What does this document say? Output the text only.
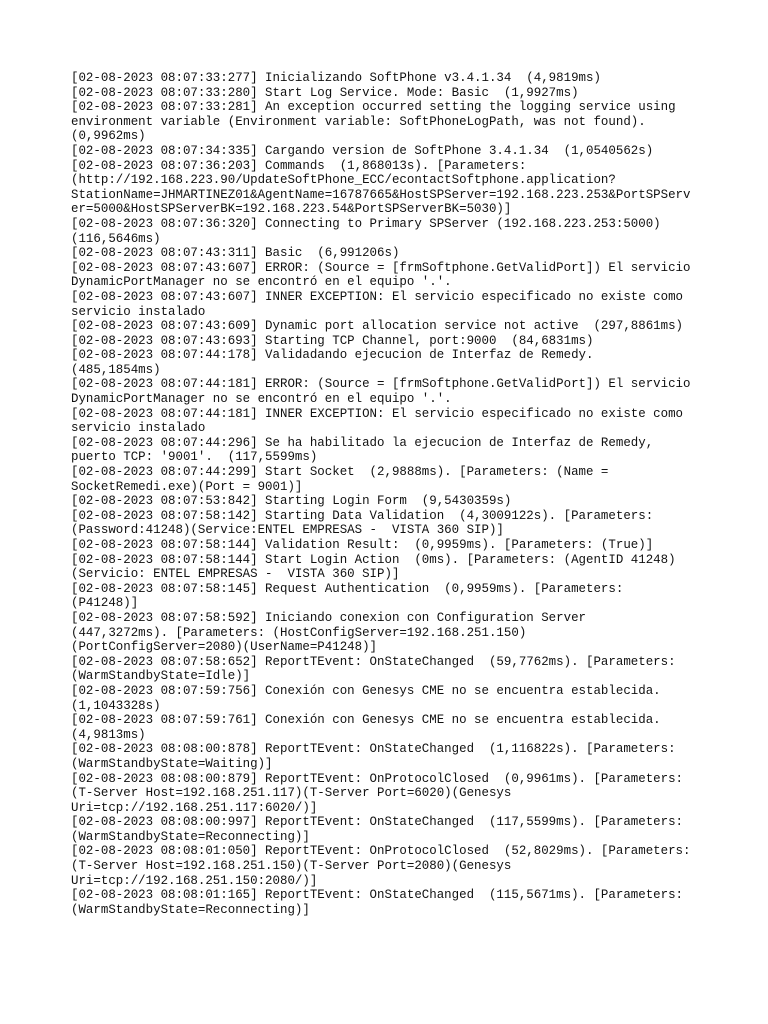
[02-08-2023 08:07:33:277] Inicializando SoftPhone v3.4.1.34  (4,9819ms)
[02-08-2023 08:07:33:280] Start Log Service. Mode: Basic  (1,9927ms)
[02-08-2023 08:07:33:281] An exception occurred setting the logging service using
environment variable (Environment variable: SoftPhoneLogPath, was not found).
(0,9962ms)
[02-08-2023 08:07:34:335] Cargando version de SoftPhone 3.4.1.34  (1,0540562s)
[02-08-2023 08:07:36:203] Commands  (1,868013s). [Parameters:
(http://192.168.223.90/UpdateSoftPhone_ECC/econtactSoftphone.application?
StationName=JHMARTINEZ01&AgentName=16787665&HostSPServer=192.168.223.253&PortSPServ
er=5000&HostSPServerBK=192.168.223.54&PortSPServerBK=5030)]
[02-08-2023 08:07:36:320] Connecting to Primary SPServer (192.168.223.253:5000)
(116,5646ms)
[02-08-2023 08:07:43:311] Basic  (6,991206s)
[02-08-2023 08:07:43:607] ERROR: (Source = [frmSoftphone.GetValidPort]) El servicio
DynamicPortManager no se encontró en el equipo '.'.
[02-08-2023 08:07:43:607] INNER EXCEPTION: El servicio especificado no existe como
servicio instalado
[02-08-2023 08:07:43:609] Dynamic port allocation service not active  (297,8861ms)
[02-08-2023 08:07:43:693] Starting TCP Channel, port:9000  (84,6831ms)
[02-08-2023 08:07:44:178] Validadando ejecucion de Interfaz de Remedy.
(485,1854ms)
[02-08-2023 08:07:44:181] ERROR: (Source = [frmSoftphone.GetValidPort]) El servicio
DynamicPortManager no se encontró en el equipo '.'.
[02-08-2023 08:07:44:181] INNER EXCEPTION: El servicio especificado no existe como
servicio instalado
[02-08-2023 08:07:44:296] Se ha habilitado la ejecucion de Interfaz de Remedy,
puerto TCP: '9001'.  (117,5599ms)
[02-08-2023 08:07:44:299] Start Socket  (2,9888ms). [Parameters: (Name =
SocketRemedi.exe)(Port = 9001)]
[02-08-2023 08:07:53:842] Starting Login Form  (9,5430359s)
[02-08-2023 08:07:58:142] Starting Data Validation  (4,3009122s). [Parameters:
(Password:41248)(Service:ENTEL EMPRESAS -  VISTA 360 SIP)]
[02-08-2023 08:07:58:144] Validation Result:  (0,9959ms). [Parameters: (True)]
[02-08-2023 08:07:58:144] Start Login Action  (0ms). [Parameters: (AgentID 41248)
(Servicio: ENTEL EMPRESAS -  VISTA 360 SIP)]
[02-08-2023 08:07:58:145] Request Authentication  (0,9959ms). [Parameters:
(P41248)]
[02-08-2023 08:07:58:592] Iniciando conexion con Configuration Server
(447,3272ms). [Parameters: (HostConfigServer=192.168.251.150)
(PortConfigServer=2080)(UserName=P41248)]
[02-08-2023 08:07:58:652] ReportTEvent: OnStateChanged  (59,7762ms). [Parameters:
(WarmStandbyState=Idle)]
[02-08-2023 08:07:59:756] Conexión con Genesys CME no se encuentra establecida.
(1,1043328s)
[02-08-2023 08:07:59:761] Conexión con Genesys CME no se encuentra establecida.
(4,9813ms)
[02-08-2023 08:08:00:878] ReportTEvent: OnStateChanged  (1,116822s). [Parameters:
(WarmStandbyState=Waiting)]
[02-08-2023 08:08:00:879] ReportTEvent: OnProtocolClosed  (0,9961ms). [Parameters:
(T-Server Host=192.168.251.117)(T-Server Port=6020)(Genesys
Uri=tcp://192.168.251.117:6020/)]
[02-08-2023 08:08:00:997] ReportTEvent: OnStateChanged  (117,5599ms). [Parameters:
(WarmStandbyState=Reconnecting)]
[02-08-2023 08:08:01:050] ReportTEvent: OnProtocolClosed  (52,8029ms). [Parameters:
(T-Server Host=192.168.251.150)(T-Server Port=2080)(Genesys
Uri=tcp://192.168.251.150:2080/)]
[02-08-2023 08:08:01:165] ReportTEvent: OnStateChanged  (115,5671ms). [Parameters:
(WarmStandbyState=Reconnecting)]
